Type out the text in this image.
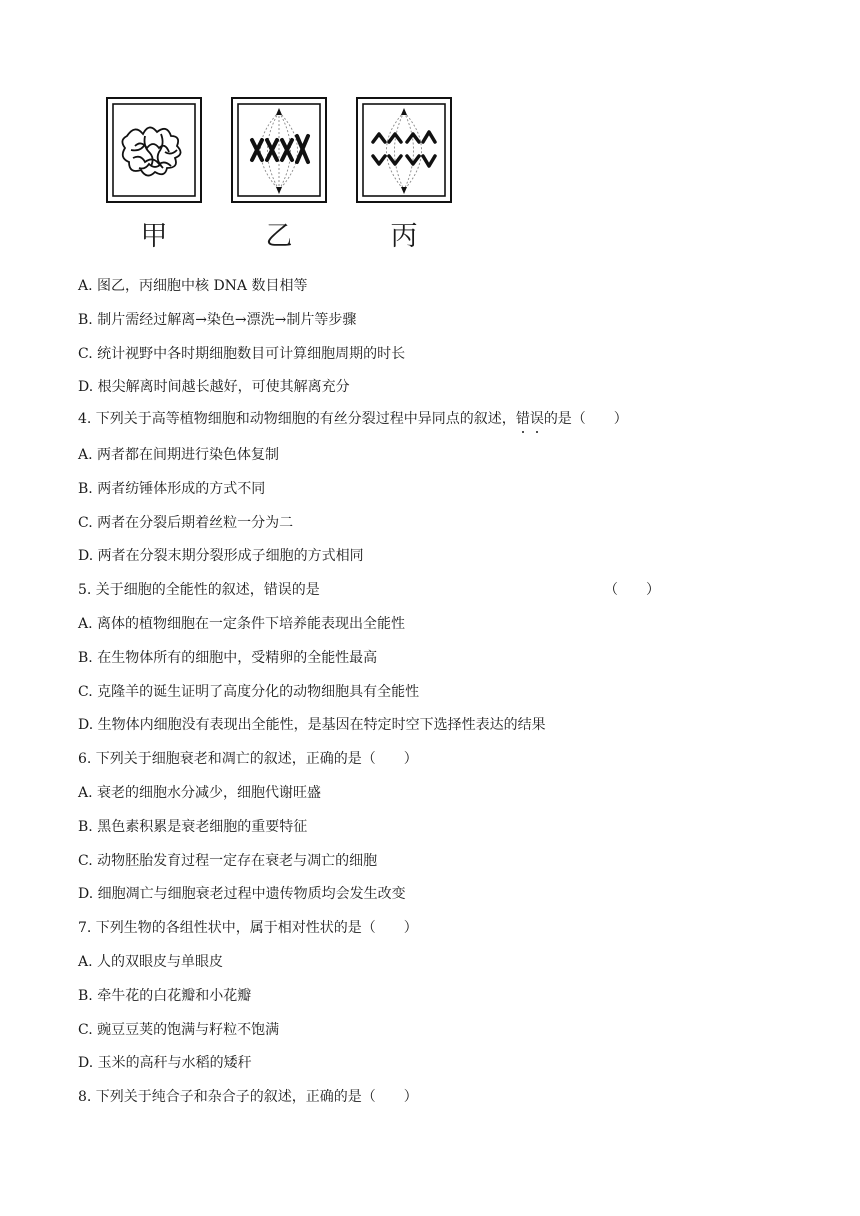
甲	乙	丙
A. 图乙，丙细胞中核 DNA 数目相等
B. 制片需经过解离→染色→漂洗→制片等步骤
C. 统计视野中各时期细胞数目可计算细胞周期的时长
D. 根尖解离时间越长越好，可使其解离充分
4. 下列关于高等植物细胞和动物细胞的有丝分裂过程中异同点的叙述，错误的是（　　）
A. 两者都在间期进行染色体复制
B. 两者纺锤体形成的方式不同
C. 两者在分裂后期着丝粒一分为二
D. 两者在分裂末期分裂形成子细胞的方式相同
5. 关于细胞的全能性的叙述，错误的是	（　　）
A. 离体的植物细胞在一定条件下培养能表现出全能性
B. 在生物体所有的细胞中，受精卵的全能性最高
C. 克隆羊的诞生证明了高度分化的动物细胞具有全能性
D. 生物体内细胞没有表现出全能性，是基因在特定时空下选择性表达的结果
6. 下列关于细胞衰老和凋亡的叙述，正确的是（　　）
A. 衰老的细胞水分减少，细胞代谢旺盛
B. 黑色素积累是衰老细胞的重要特征
C. 动物胚胎发育过程一定存在衰老与凋亡的细胞
D. 细胞凋亡与细胞衰老过程中遗传物质均会发生改变
7. 下列生物的各组性状中，属于相对性状的是（　　）
A. 人的双眼皮与单眼皮
B. 牵牛花的白花瓣和小花瓣
C. 豌豆豆荚的饱满与籽粒不饱满
D. 玉米的高秆与水稻的矮秆
8. 下列关于纯合子和杂合子的叙述，正确的是（　　）
